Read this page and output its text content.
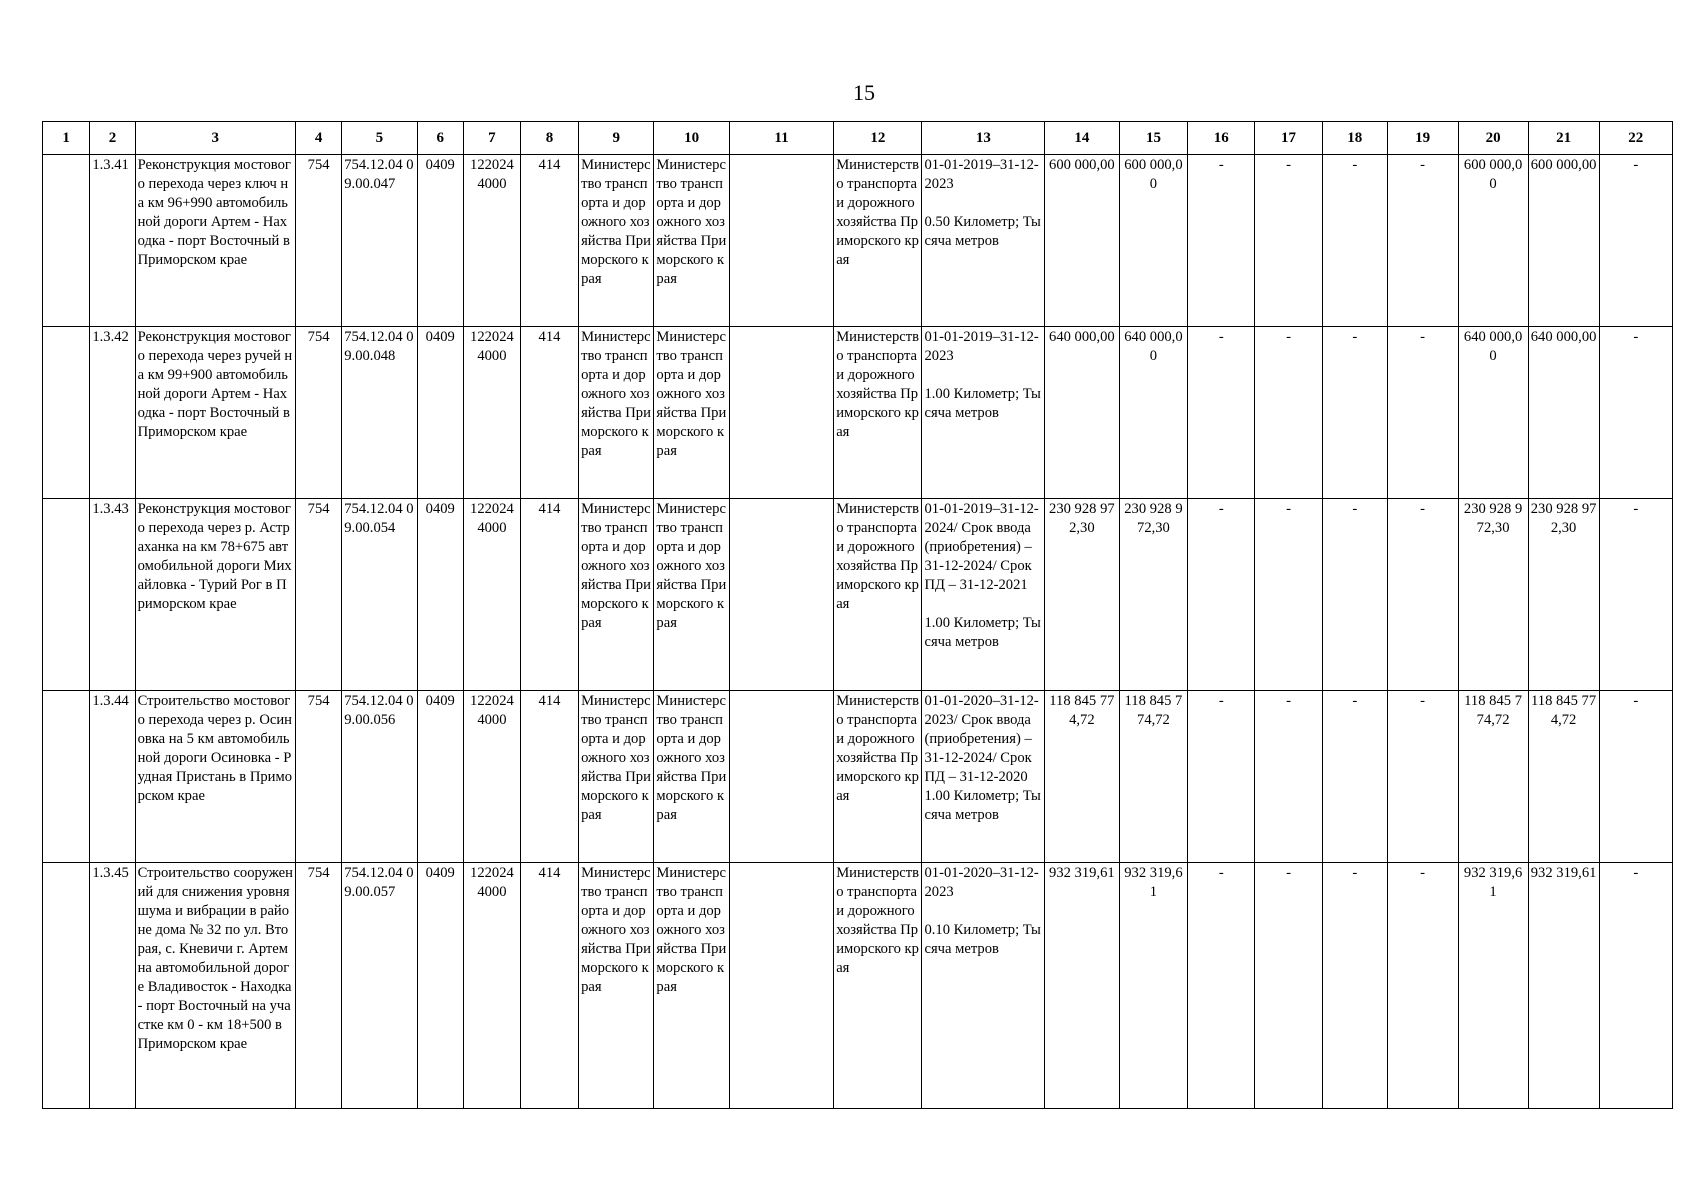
15
1	2	3	4	5	6	7	8	9	10	11	12	13	14	15	16	17	18	19	20	21	22
	1.3.41	Реконструкция мостового перехода через ключ на км 96+990 автомобильной дороги Артем - Находка - порт Восточный в Приморском крае	754	754.12.04 09.00.047	0409	122024 4000	414	Министерство транспорта и дорожного хозяйства Приморского края	Министерство транспорта и дорожного хозяйства Приморского края		Министерство транспорта и дорожного хозяйства Приморского края	01-01-2019–31-12-2023
0.50 Километр; Тысяча метров	600 000,00	600 000,00	-	-	-	-	600 000,00	600 000,00	-
	1.3.42	Реконструкция мостового перехода через ручей на км 99+900 автомобильной дороги Артем - Находка - порт Восточный в Приморском крае	754	754.12.04 09.00.048	0409	122024 4000	414	Министерство транспорта и дорожного хозяйства Приморского края	Министерство транспорта и дорожного хозяйства Приморского края		Министерство транспорта и дорожного хозяйства Приморского края	01-01-2019–31-12-2023
1.00 Километр; Тысяча метров	640 000,00	640 000,00	-	-	-	-	640 000,00	640 000,00	-
	1.3.43	Реконструкция мостового перехода через р. Астраханка на км 78+675 автомобильной дороги Михайловка - Турий Рог в Приморском крае	754	754.12.04 09.00.054	0409	122024 4000	414	Министерство транспорта и дорожного хозяйства Приморского края	Министерство транспорта и дорожного хозяйства Приморского края		Министерство транспорта и дорожного хозяйства Приморского края	01-01-2019–31-12-2024/ Срок ввода (приобретения) – 31-12-2024/ Срок ПД – 31-12-2021
1.00 Километр; Тысяча метров	230 928 972,30	230 928 972,30	-	-	-	-	230 928 972,30	230 928 972,30	-
	1.3.44	Строительство мостового перехода через р. Осиновка на 5 км автомобильной дороги Осиновка - Рудная Пристань в Приморском крае	754	754.12.04 09.00.056	0409	122024 4000	414	Министерство транспорта и дорожного хозяйства Приморского края	Министерство транспорта и дорожного хозяйства Приморского края		Министерство транспорта и дорожного хозяйства Приморского края	01-01-2020–31-12-2023/ Срок ввода (приобретения) – 31-12-2024/ Срок ПД – 31-12-2020
1.00 Километр; Тысяча метров	118 845 774,72	118 845 774,72	-	-	-	-	118 845 774,72	118 845 774,72	-
	1.3.45	Строительство сооружений для снижения уровня шума и вибрации в районе дома № 32 по ул. Вторая, с. Кневичи г. Артем на автомобильной дороге Владивосток - Находка - порт Восточный на участке км 0 - км 18+500 в Приморском крае	754	754.12.04 09.00.057	0409	122024 4000	414	Министерство транспорта и дорожного хозяйства Приморского края	Министерство транспорта и дорожного хозяйства Приморского края		Министерство транспорта и дорожного хозяйства Приморского края	01-01-2020–31-12-2023
0.10 Километр; Тысяча метров	932 319,61	932 319,61	-	-	-	-	932 319,61	932 319,61	-
